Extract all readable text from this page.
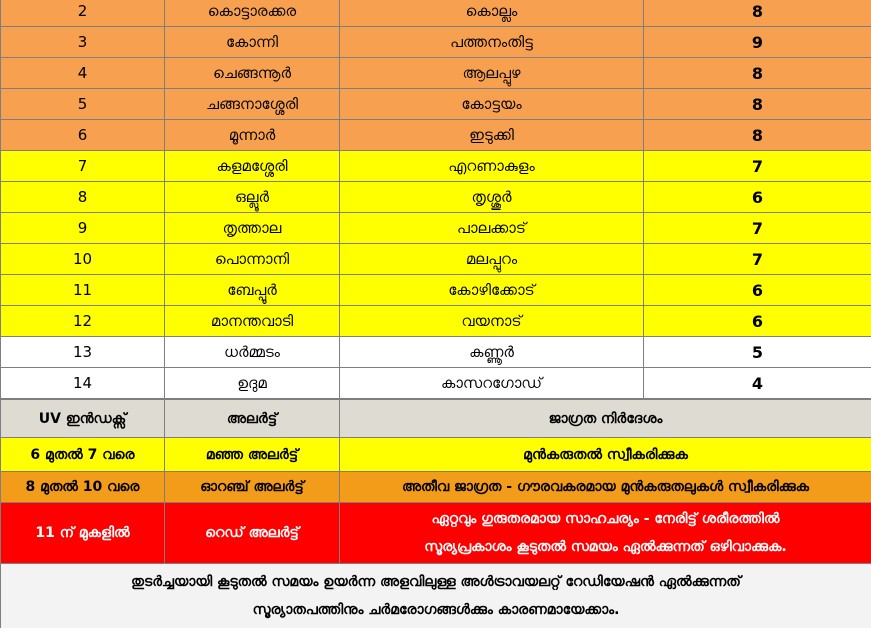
2	കൊട്ടാരക്കര	കൊല്ലം	8
3	കോന്നി	പത്തനംതിട്ട	9
4	ചെങ്ങന്നൂർ	ആലപ്പുഴ	8
5	ചങ്ങനാശ്ശേരി	കോട്ടയം	8
6	മൂന്നാർ	ഇടുക്കി	8
7	കളമശ്ശേരി	എറണാകുളം	7
8	ഒല്ലൂർ	തൃശ്ശൂർ	6
9	തൃത്താല	പാലക്കാട്	7
10	പൊന്നാനി	മലപ്പുറം	7
11	ബേപ്പൂർ	കോഴിക്കോട്	6
12	മാനന്തവാടി	വയനാട്	6
13	ധർമ്മടം	കണ്ണൂർ	5
14	ഉദുമ	കാസറഗോഡ്	4
UV ഇൻഡക്സ്	അലർട്ട്	ജാഗ്രത നിർദേശം
6 മുതൽ 7 വരെ	മഞ്ഞ അലർട്ട്	മുൻകരുതൽ സ്വീകരിക്കുക
8 മുതൽ 10 വരെ	ഓറഞ്ച് അലർട്ട്	അതീവ ജാഗ്രത - ഗൗരവകരമായ മുൻകരുതലുകൾ സ്വീകരിക്കുക
11 ന് മുകളിൽ	റെഡ് അലർട്ട്	ഏറ്റവും ഗുരുതരമായ സാഹചര്യം - നേരിട്ട് ശരീരത്തിൽ
സൂര്യപ്രകാശം കൂടുതൽ സമയം ഏൽക്കുന്നത് ഒഴിവാക്കുക.

തുടർച്ചയായി കൂടുതൽ സമയം ഉയർന്ന അളവിലുള്ള അൾട്രാവയലറ്റ് റേഡിയേഷൻ ഏൽക്കുന്നത്
സൂര്യാതപത്തിനും ചർമരോഗങ്ങൾക്കും കാരണമായേക്കാം.		
